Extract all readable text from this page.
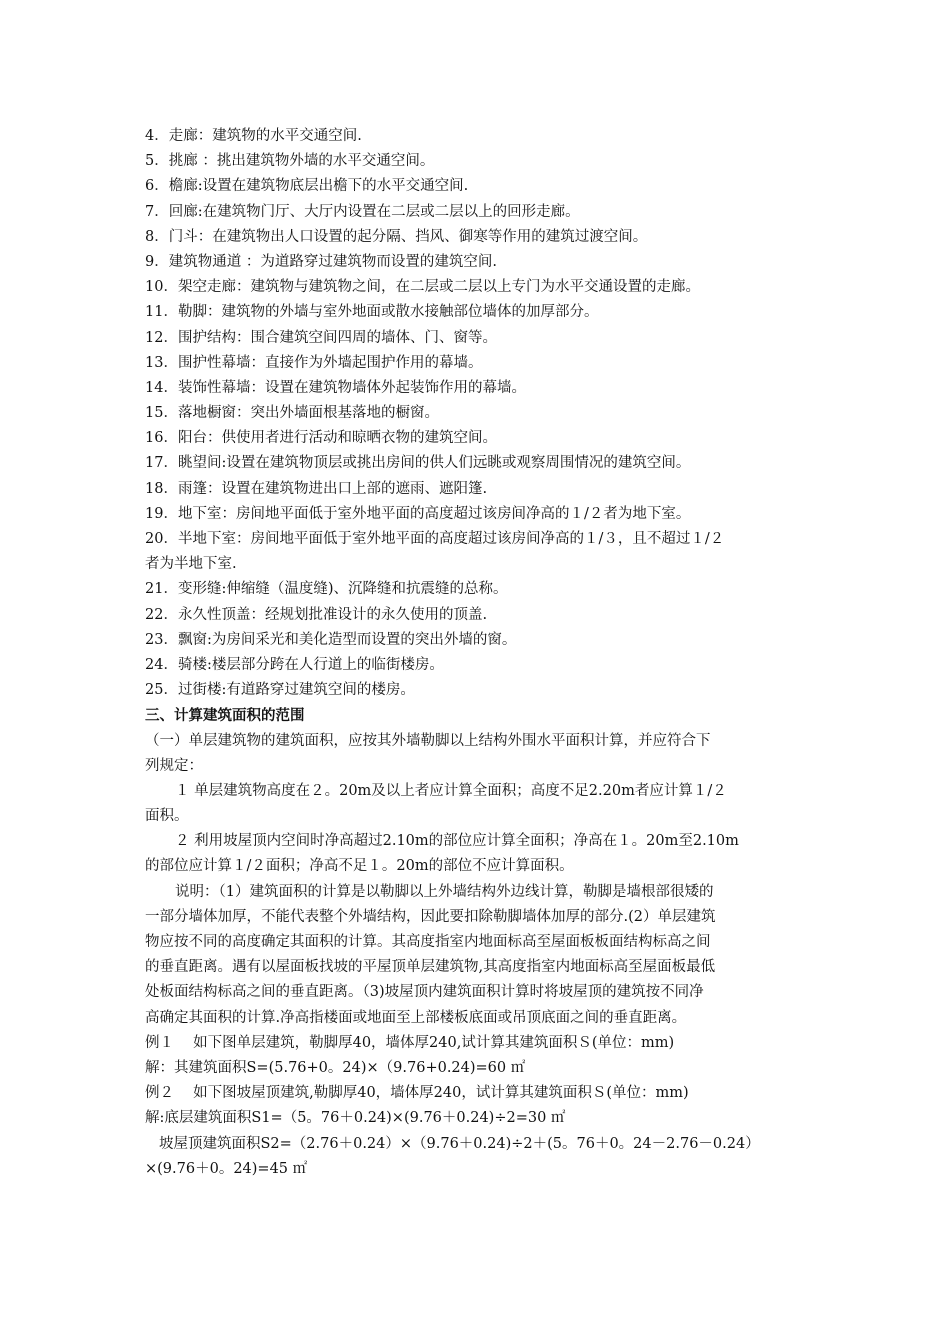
4．走廊：建筑物的水平交通空间.
5．挑廊 ：挑出建筑物外墙的水平交通空间。
6．檐廊:设置在建筑物底层出檐下的水平交通空间.
7．回廊:在建筑物门厅、大厅内设置在二层或二层以上的回形走廊。
8．门斗：在建筑物出人口设置的起分隔、挡风、御寒等作用的建筑过渡空间。
9．建筑物通道 ：为道路穿过建筑物而设置的建筑空间.
10．架空走廊：建筑物与建筑物之间，在二层或二层以上专门为水平交通设置的走廊。
11．勒脚：建筑物的外墙与室外地面或散水接触部位墙体的加厚部分。
12．围护结构：围合建筑空间四周的墙体、门、窗等。
13．围护性幕墙：直接作为外墙起围护作用的幕墙。
14．装饰性幕墙：设置在建筑物墙体外起装饰作用的幕墙。
15．落地橱窗：突出外墙面根基落地的橱窗。
16．阳台：供使用者进行活动和晾晒衣物的建筑空间。
17．眺望间:设置在建筑物顶层或挑出房间的供人们远眺或观察周围情况的建筑空间。
18．雨篷：设置在建筑物进出口上部的遮雨、遮阳篷.
19．地下室：房间地平面低于室外地平面的高度超过该房间净高的１/２者为地下室。
20．半地下室：房间地平面低于室外地平面的高度超过该房间净高的１/３，且不超过１/２
者为半地下室.
21．变形缝:伸缩缝（温度缝)、沉降缝和抗震缝的总称。
22．永久性顶盖：经规划批准设计的永久使用的顶盖.
23．飘窗:为房间采光和美化造型而设置的突出外墙的窗。
24．骑楼:楼层部分跨在人行道上的临街楼房。
25．过街楼:有道路穿过建筑空间的楼房。
三、计算建筑面积的范围
（一）单层建筑物的建筑面积，应按其外墙勒脚以上结构外围水平面积计算，并应符合下
列规定：
１ 单层建筑物高度在２。20m及以上者应计算全面积；高度不足2.20m者应计算１/２
面积。
２ 利用坡屋顶内空间时净高超过2.10m的部位应计算全面积；净高在１。20m至2.10m
的部位应计算１/２面积；净高不足１。20m的部位不应计算面积。
说明：（1）建筑面积的计算是以勒脚以上外墙结构外边线计算，勒脚是墙根部很矮的
一部分墙体加厚，不能代表整个外墙结构，因此要扣除勒脚墙体加厚的部分.(2）单层建筑
物应按不同的高度确定其面积的计算。其高度指室内地面标高至屋面板板面结构标高之间
的垂直距离。遇有以屋面板找坡的平屋顶单层建筑物,其高度指室内地面标高至屋面板最低
处板面结构标高之间的垂直距离。（3)坡屋顶内建筑面积计算时将坡屋顶的建筑按不同净
高确定其面积的计算.净高指楼面或地面至上部楼板底面或吊顶底面之间的垂直距离。
例１　 如下图单层建筑，勒脚厚40，墙体厚240,试计算其建筑面积Ｓ(单位：mm)
解：其建筑面积S=(5.76+0。24)×（9.76+0.24)=60 ㎡
例２　 如下图坡屋顶建筑,勒脚厚40，墙体厚240，试计算其建筑面积Ｓ(单位：mm)
解:底层建筑面积S1=（5。76＋0.24)×(9.76＋0.24)÷2=30 ㎡
坡屋顶建筑面积S2=（2.76＋0.24）×（9.76＋0.24)÷2＋(5。76＋0。24－2.76－0.24）
×(9.76＋0。24)=45 ㎡
